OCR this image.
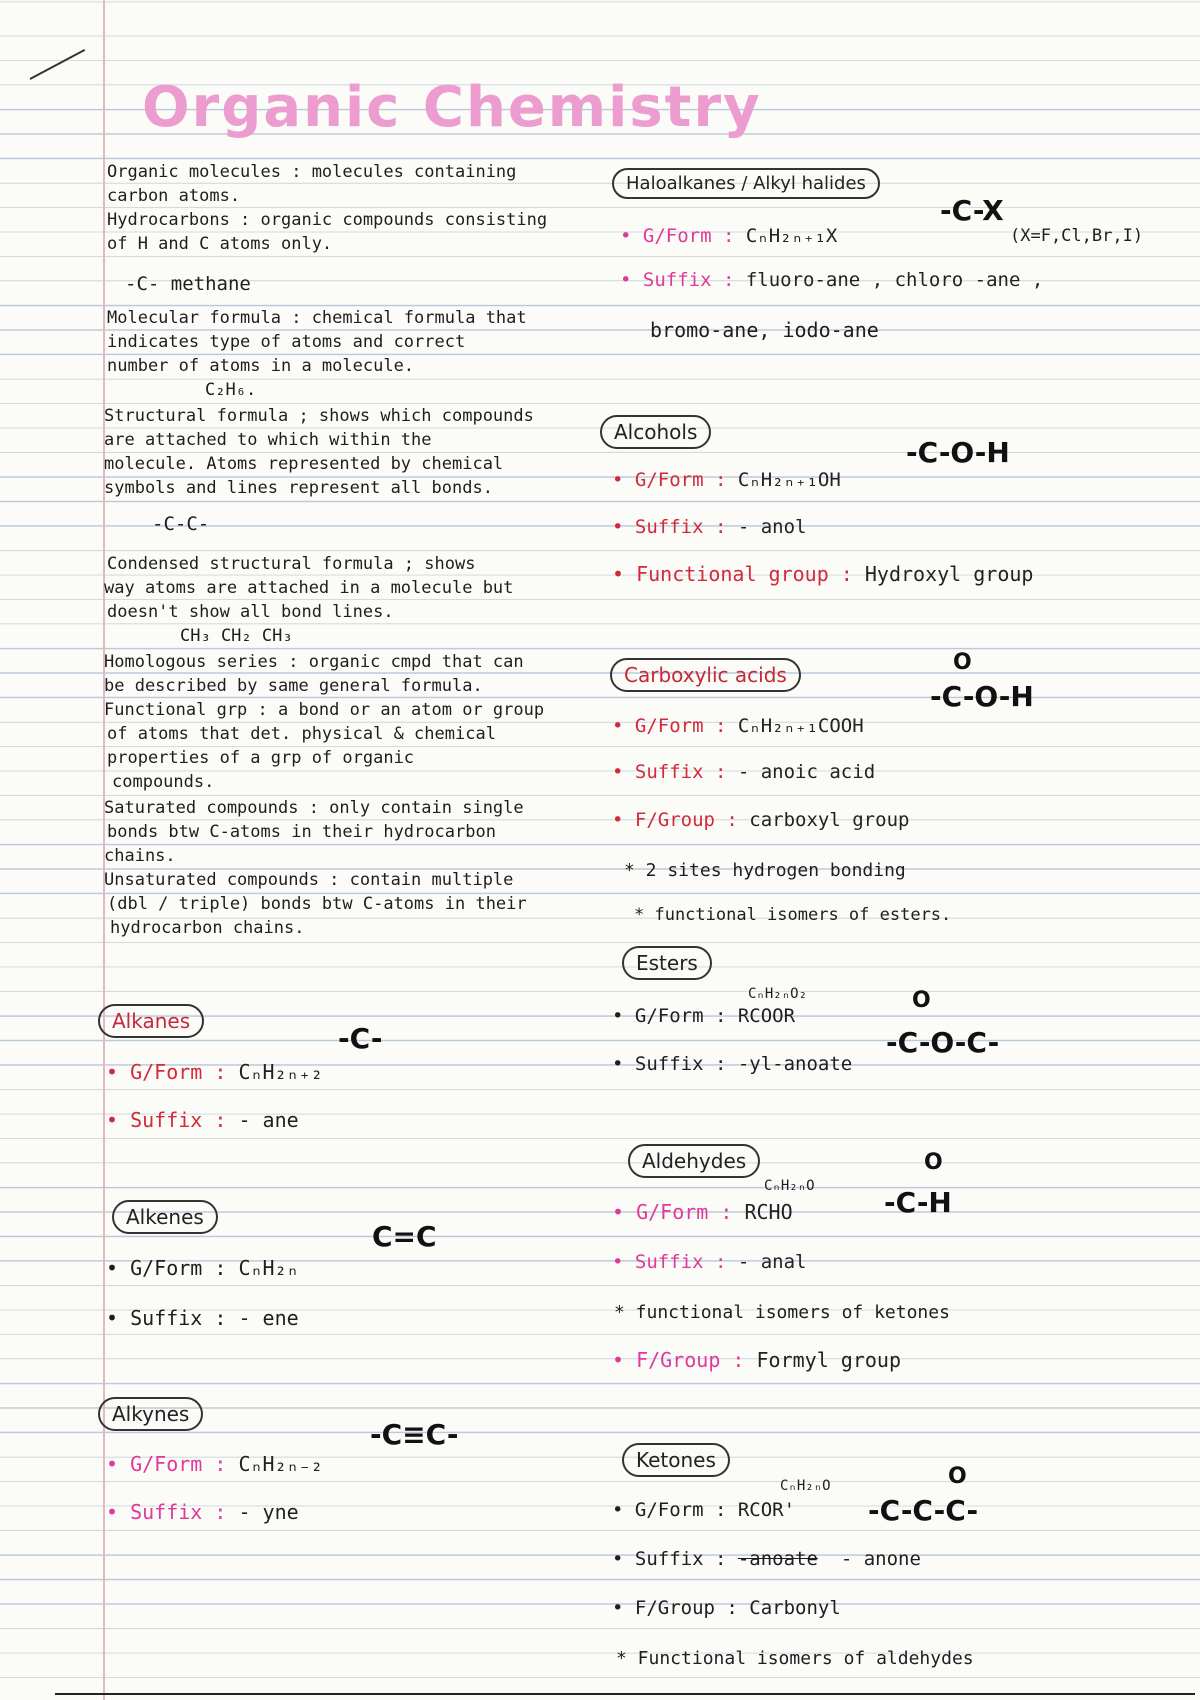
Organic Chemistry
Organic molecules : molecules containing
carbon atoms.
Hydrocarbons : organic compounds consisting
of H and C atoms only.
-C- methane
Molecular formula : chemical formula that
indicates type of atoms and correct
number of atoms in a molecule.
C₂H₆.
Structural formula ; shows which compounds
are attached to which within the
molecule. Atoms represented by chemical
symbols and lines represent all bonds.
-C-C-
Condensed structural formula ; shows
way atoms are attached in a molecule but
doesn't show all bond lines.
CH₃ CH₂ CH₃
Homologous series : organic cmpd that can
be described by same general formula.
Functional grp : a bond or an atom or group
of atoms that det. physical & chemical
properties of a grp of organic
compounds.
Saturated compounds : only contain single
bonds btw C-atoms in their hydrocarbon
chains.
Unsaturated compounds : contain multiple
(dbl / triple) bonds btw C-atoms in their
hydrocarbon chains.
Alkanes
• G/Form : CₙH₂ₙ₊₂
• Suffix : - ane
-C-
Alkenes
• G/Form : CₙH₂ₙ
• Suffix : - ene
C=C
Alkynes
• G/Form : CₙH₂ₙ₋₂
• Suffix : - yne
-C≡C-
Haloalkanes / Alkyl halides
• G/Form : CₙH₂ₙ₊₁X
• Suffix : fluoro-ane , chloro -ane ,
bromo-ane, iodo-ane
-C-X
(X=F,Cl,Br,I)
Alcohols
• G/Form : CₙH₂ₙ₊₁OH
• Suffix : - anol
• Functional group : Hydroxyl group
-C-O-H
Carboxylic acids
• G/Form : CₙH₂ₙ₊₁COOH
• Suffix : - anoic acid
• F/Group : carboxyl group
* 2 sites hydrogen bonding
* functional isomers of esters.
O
-C-O-H
Esters
CₙH₂ₙO₂
• G/Form : RCOOR
• Suffix : -yl-anoate
O
-C-O-C-
Aldehydes
CₙH₂ₙO
• G/Form : RCHO
• Suffix : - anal
* functional isomers of ketones
• F/Group : Formyl group
O
-C-H
Ketones
CₙH₂ₙO
• G/Form : RCOR'
• Suffix : -anoate - anone
• F/Group : Carbonyl
* Functional isomers of aldehydes
O
-C-C-C-
